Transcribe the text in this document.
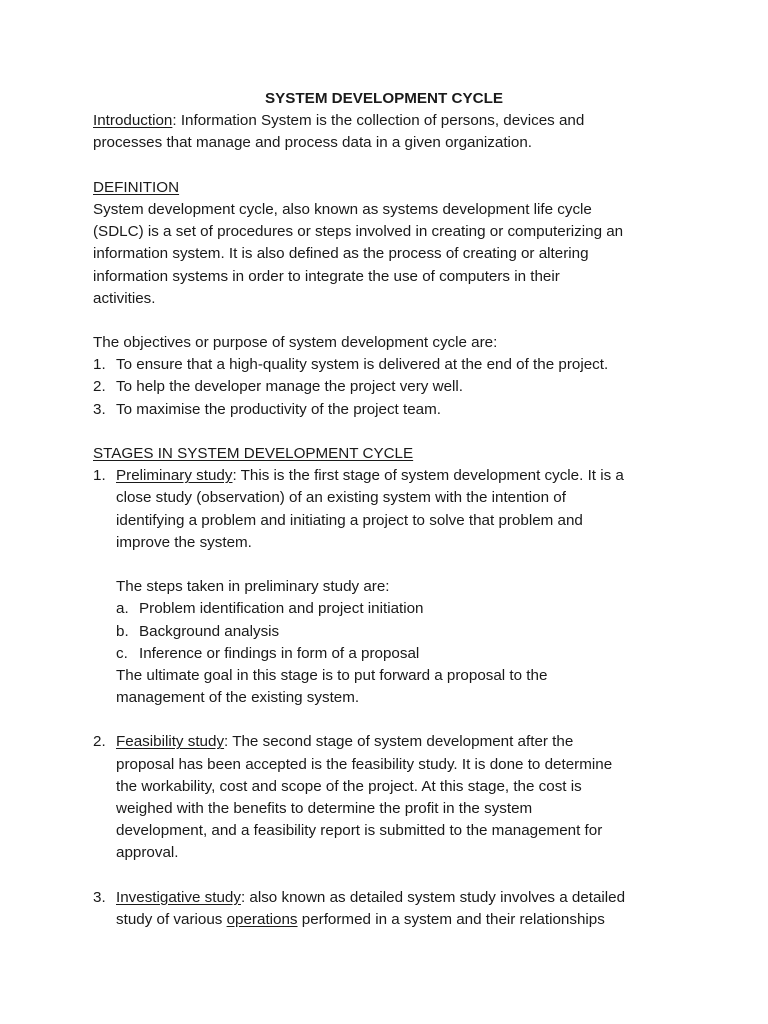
SYSTEM DEVELOPMENT CYCLE
Introduction: Information System is the collection of persons, devices and
processes that manage and process data in a given organization.
DEFINITION
System development cycle, also known as systems development life cycle
(SDLC) is a set of procedures or steps involved in creating or computerizing an
information system. It is also defined as the process of creating or altering
information systems in order to integrate the use of computers in their
activities.
The objectives or purpose of system development cycle are:
1. To ensure that a high-quality system is delivered at the end of the project.
2. To help the developer manage the project very well.
3. To maximise the productivity of the project team.
STAGES IN SYSTEM DEVELOPMENT CYCLE
1. Preliminary study: This is the first stage of system development cycle. It is a
close study (observation) of an existing system with the intention of
identifying a problem and initiating a project to solve that problem and
improve the system.
The steps taken in preliminary study are:
a. Problem identification and project initiation
b. Background analysis
c. Inference or findings in form of a proposal
The ultimate goal in this stage is to put forward a proposal to the
management of the existing system.
2. Feasibility study: The second stage of system development after the
proposal has been accepted is the feasibility study. It is done to determine
the workability, cost and scope of the project. At this stage, the cost is
weighed with the benefits to determine the profit in the system
development, and a feasibility report is submitted to the management for
approval.
3. Investigative study: also known as detailed system study involves a detailed
study of various operations performed in a system and their relationships
